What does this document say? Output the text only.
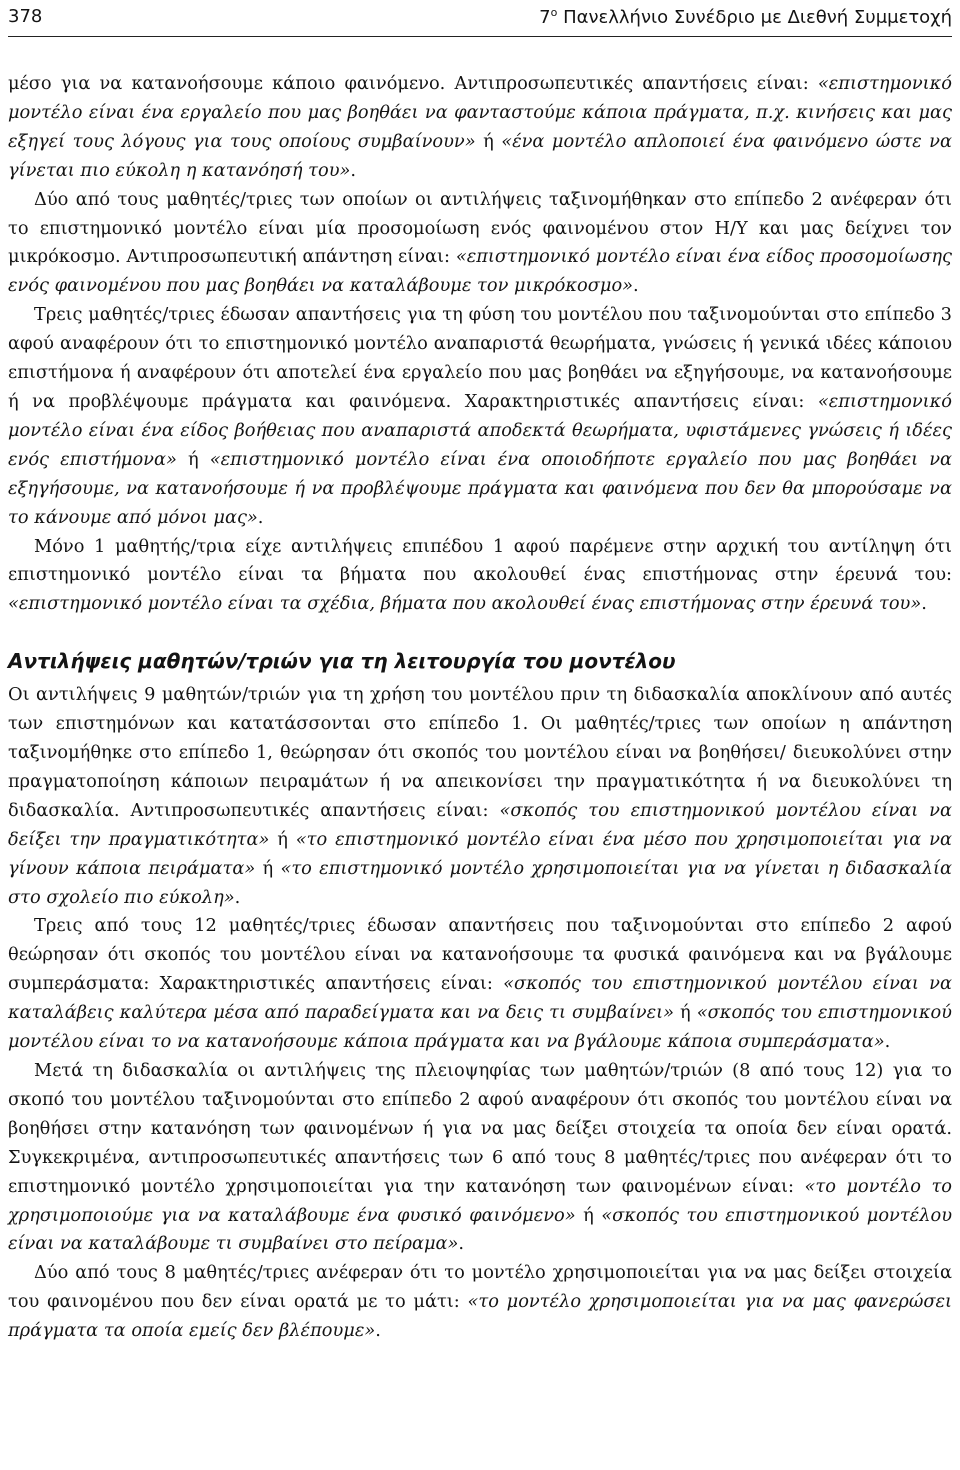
378	$7^o$ Πανελλήνιο Συνέδριο με Διεθνή Συμμετοχή

μέσο για να κατανοήσουμε κάποιο φαινόμενο. Αντιπροσωπευτικές απαντήσεις είναι: «επιστημονικό μοντέλο είναι ένα εργαλείο που μας βοηθάει να φανταστούμε κάποια πράγματα, π.χ. κινήσεις και μας εξηγεί τους λόγους για τους οποίους συμβαίνουν» ή «ένα μοντέλο απλοποιεί ένα φαινόμενο ώστε να γίνεται πιο εύκολη η κατανόησή του».

Δύο από τους μαθητές/τριες των οποίων οι αντιλήψεις ταξινομήθηκαν στο επίπεδο 2 ανέφεραν ότι το επιστημονικό μοντέλο είναι μία προσομοίωση ενός φαινομένου στον Η/Υ και μας δείχνει τον μικρόκοσμο. Αντιπροσωπευτική απάντηση είναι: «επιστημονικό μοντέλο είναι ένα είδος προσομοίωσης ενός φαινομένου που μας βοηθάει να καταλάβουμε τον μικρόκοσμο».

Τρεις μαθητές/τριες έδωσαν απαντήσεις για τη φύση του μοντέλου που ταξινομούνται στο επίπεδο 3 αφού αναφέρουν ότι το επιστημονικό μοντέλο αναπαριστά θεωρήματα, γνώσεις ή γενικά ιδέες κάποιου επιστήμονα ή αναφέρουν ότι αποτελεί ένα εργαλείο που μας βοηθάει να εξηγήσουμε, να κατανοήσουμε ή να προβλέψουμε πράγματα και φαινόμενα. Χαρακτηριστικές απαντήσεις είναι: «επιστημονικό μοντέλο είναι ένα είδος βοήθειας που αναπαριστά αποδεκτά θεωρήματα, υφιστάμενες γνώσεις ή ιδέες ενός επιστήμονα» ή «επιστημονικό μοντέλο είναι ένα οποιοδήποτε εργαλείο που μας βοηθάει να εξηγήσουμε, να κατανοήσουμε ή να προβλέψουμε πράγματα και φαινόμενα που δεν θα μπορούσαμε να το κάνουμε από μόνοι μας».

Μόνο 1 μαθητής/τρια είχε αντιλήψεις επιπέδου 1 αφού παρέμενε στην αρχική του αντίληψη ότι επιστημονικό μοντέλο είναι τα βήματα που ακολουθεί ένας επιστήμονας στην έρευνά του: «επιστημονικό μοντέλο είναι τα σχέδια, βήματα που ακολουθεί ένας επιστήμονας στην έρευνά του».

Αντιλήψεις μαθητών/τριών για τη λειτουργία του μοντέλου

Οι αντιλήψεις 9 μαθητών/τριών για τη χρήση του μοντέλου πριν τη διδασκαλία αποκλίνουν από αυτές των επιστημόνων και κατατάσσονται στο επίπεδο 1. Οι μαθητές/τριες των οποίων η απάντηση ταξινομήθηκε στο επίπεδο 1, θεώρησαν ότι σκοπός του μοντέλου είναι να βοηθήσει/ διευκολύνει στην πραγματοποίηση κάποιων πειραμάτων ή να απεικονίσει την πραγματικότητα ή να διευκολύνει τη διδασκαλία. Αντιπροσωπευτικές απαντήσεις είναι: «σκοπός του επιστημονικού μοντέλου είναι να δείξει την πραγματικότητα» ή «το επιστημονικό μοντέλο είναι ένα μέσο που χρησιμοποιείται για να γίνουν κάποια πειράματα» ή «το επιστημονικό μοντέλο χρησιμοποιείται για να γίνεται η διδασκαλία στο σχολείο πιο εύκολη».

Τρεις από τους 12 μαθητές/τριες έδωσαν απαντήσεις που ταξινομούνται στο επίπεδο 2 αφού θεώρησαν ότι σκοπός του μοντέλου είναι να κατανοήσουμε τα φυσικά φαινόμενα και να βγάλουμε συμπεράσματα: Χαρακτηριστικές απαντήσεις είναι: «σκοπός του επιστημονικού μοντέλου είναι να καταλάβεις καλύτερα μέσα από παραδείγματα και να δεις τι συμβαίνει» ή «σκοπός του επιστημονικού μοντέλου είναι το να κατανοήσουμε κάποια πράγματα και να βγάλουμε κάποια συμπεράσματα».

Μετά τη διδασκαλία οι αντιλήψεις της πλειοψηφίας των μαθητών/τριών (8 από τους 12) για το σκοπό του μοντέλου ταξινομούνται στο επίπεδο 2 αφού αναφέρουν ότι σκοπός του μοντέλου είναι να βοηθήσει στην κατανόηση των φαινομένων ή για να μας δείξει στοιχεία τα οποία δεν είναι ορατά. Συγκεκριμένα, αντιπροσωπευτικές απαντήσεις των 6 από τους 8 μαθητές/τριες που ανέφεραν ότι το επιστημονικό μοντέλο χρησιμοποιείται για την κατανόηση των φαινομένων είναι: «το μοντέλο το χρησιμοποιούμε για να καταλάβουμε ένα φυσικό φαινόμενο» ή «σκοπός του επιστημονικού μοντέλου είναι να καταλάβουμε τι συμβαίνει στο πείραμα».

Δύο από τους 8 μαθητές/τριες ανέφεραν ότι το μοντέλο χρησιμοποιείται για να μας δείξει στοιχεία του φαινομένου που δεν είναι ορατά με το μάτι: «το μοντέλο χρησιμοποιείται για να μας φανερώσει πράγματα τα οποία εμείς δεν βλέπουμε».
